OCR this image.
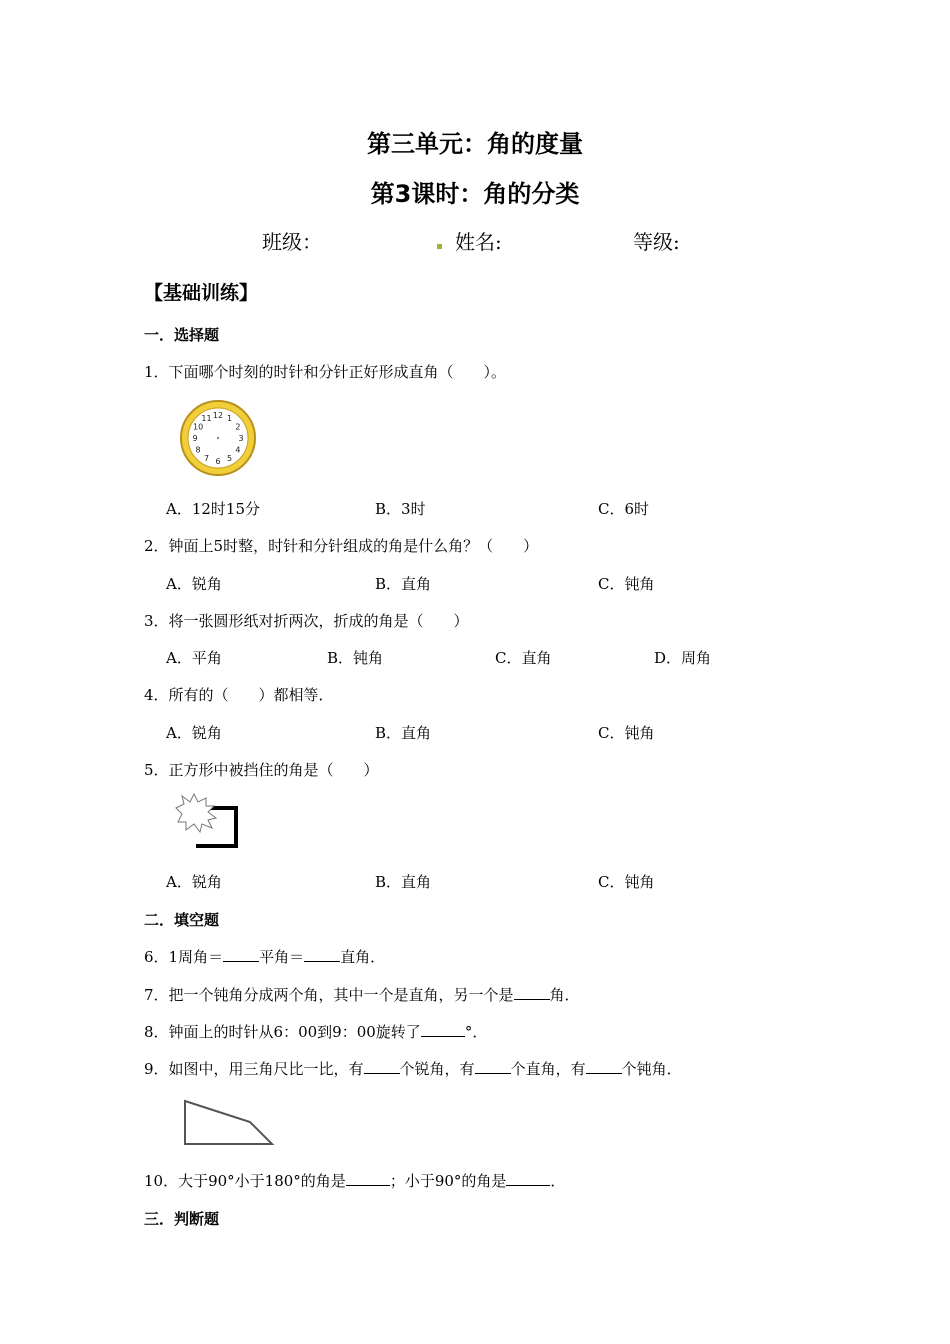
第三单元：角的度量
第3课时：角的分类
班级：	姓名:	等级:
【基础训练】
一．选择题
1．下面哪个时刻的时针和分针正好形成直角（　　）。
12 1
2
3
4
5
6
7
8
9
10
11
A．12时15分	B．3时	C．6时
2．钟面上5时整，时针和分针组成的角是什么角？（　　）
A．锐角	B．直角	C．钝角
3．将一张圆形纸对折两次，折成的角是（　　）
A．平角	B．钝角	C．直角	D．周角
4．所有的（　　）都相等．
A．锐角	B．直角	C．钝角
5．正方形中被挡住的角是（　　）
A．锐角	B．直角	C．钝角
二．填空题
6．1周角＝ 平角＝ 直角．
7．把一个钝角分成两个角，其中一个是直角，另一个是 角．
8．钟面上的时针从6：00到9：00旋转了	°．
9．如图中，用三角尺比一比，有 个锐角，有 个直角，有 个钝角．
10．大于90°小于180°的角是	；小于90°的角是	．
三．判断题
